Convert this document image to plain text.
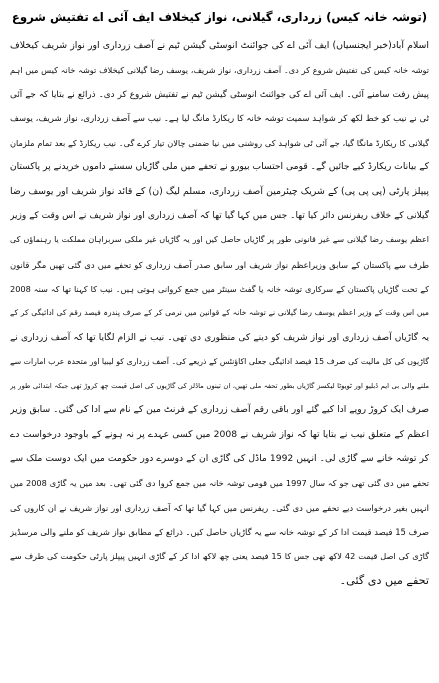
(توشہ خانہ کیس) زرداری، گیلانی، نواز کیخلاف ایف آئی اے تفتیش شروع
اسلام آباد(خبر ایجنسیاں) ایف آئی اے کی جوائنٹ انوسٹی گیشن ٹیم نے آصف زرداری اور نواز شریف کیخلاف
توشہ خانہ کیس کی تفتیش شروع کر دی۔ آصف زرداری، نواز شریف، یوسف رضا گیلانی کیخلاف توشہ خانہ کیس میں اہم
پیش رفت سامنے آئی۔ ایف آئی اے کی جوائنٹ انوسٹی گیشن ٹیم نے تفتیش شروع کر دی۔ ذرائع نے بتایا کہ جے آئی
ٹی نے نیب کو خط لکھ کر شواہد سمیت توشہ خانہ کا ریکارڈ مانگ لیا ہے۔ نیب سے آصف زرداری، نواز شریف، یوسف
گیلانی کا ریکارڈ مانگا گیا، جے آئی ٹی شواہد کی روشنی میں نیا ضمنی چالان تیار کرے گی۔ نیب ریکارڈ کے بعد تمام ملزمان
کے بیانات ریکارڈ کیے جائیں گے۔ قومی احتساب بیورو نے تحفے میں ملی گاڑیاں سستے داموں خریدنے پر پاکستان
پیپلز پارٹی (پی پی پی) کے شریک چیئرمین آصف زرداری، مسلم لیگ (ن) کے قائد نواز شریف اور یوسف رضا
گیلانی کے خلاف ریفرنس دائر کیا تھا۔ جس میں کہا گیا تھا کہ آصف زرداری اور نواز شریف نے اس وقت کے وزیر
اعظم یوسف رضا گیلانی سے غیر قانونی طور پر گاڑیاں حاصل کیں اور یہ گاڑیاں غیر ملکی سربراہان مملکت یا رہنماؤں کی
طرف سے پاکستان کے سابق وزیراعظم نواز شریف اور سابق صدر آصف زرداری کو تحفے میں دی گئی تھیں مگر قانون
کے تحت گاڑیاں پاکستان کے سرکاری توشہ خانہ یا گفٹ سینٹر میں جمع کروانی ہوتی ہیں۔ نیب کا کہنا تھا کہ سنہ 2008
میں اس وقت کے وزیر اعظم یوسف رضا گیلانی نے توشہ خانہ کے قوانین میں نرمی کر کے صرف پندرہ فیصد رقم کی ادائیگی کر کے
یہ گاڑیاں آصف زرداری اور نواز شریف کو دینے کی منظوری دی تھی۔ نیب نے الزام لگایا تھا کہ آصف زرداری نے
گاڑیوں کی کل مالیت کی صرف 15 فیصد ادائیگی جعلی اکاؤنٹس کے ذریعے کی۔ آصف زرداری کو لیبیا اور متحدہ عرب امارات سے
ملنے والی بی ایم ڈبلیو اور ٹویوٹا لیکسز گاڑیاں بطور تحفہ ملی تھیں، ان تینوں ماڈلز کی گاڑیوں کی اصل قیمت چھ کروڑ تھی جبکہ ابتدائی طور پر
صرف ایک کروڑ روپے ادا کیے گئے اور باقی رقم آصف زرداری کے فرنٹ مین کے نام سے ادا کی گئی۔ سابق وزیر
اعظم کے متعلق نیب نے بتایا تھا کہ نواز شریف نے 2008 میں کسی عہدے پر نہ ہونے کے باوجود درخواست دے
کر توشہ خانے سے گاڑی لی۔ انہیں 1992 ماڈل کی گاڑی ان کے دوسرے دور حکومت میں ایک دوست ملک سے
تحفے میں دی گئی تھی جو کہ سال 1997 میں قومی توشہ خانہ میں جمع کروا دی گئی تھی۔ بعد میں یہ گاڑی 2008 میں
انہیں بغیر درخواست دیے تحفے میں دی گئی۔ ریفرنس میں کہا گیا تھا کہ آصف زرداری اور نواز شریف نے ان کاروں کی
صرف 15 فیصد قیمت ادا کر کے توشہ خانہ سے یہ گاڑیاں حاصل کیں۔ ذرائع کے مطابق نواز شریف کو ملنے والی مرسڈیز
گاڑی کی اصل قیمت 42 لاکھ تھی جس کا 15 فیصد یعنی چھ لاکھ ادا کر کے گاڑی انہیں پیپلز پارٹی حکومت کی طرف سے
تحفے میں دی گئی۔
